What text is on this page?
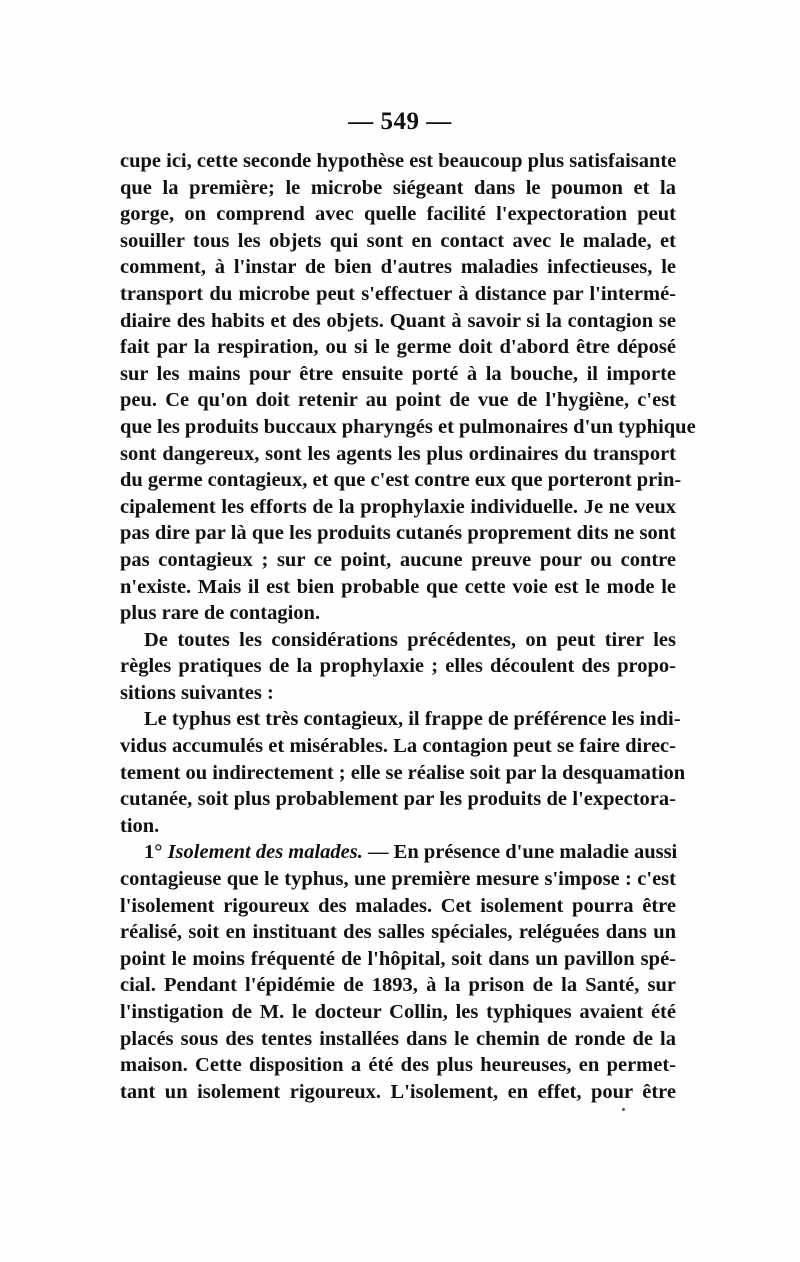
— 549 —
cupe ici, cette seconde hypothèse est beaucoup plus satisfaisante
que la première; le microbe siégeant dans le poumon et la
gorge, on comprend avec quelle facilité l'expectoration peut
souiller tous les objets qui sont en contact avec le malade, et
comment, à l'instar de bien d'autres maladies infectieuses, le
transport du microbe peut s'effectuer à distance par l'intermé-
diaire des habits et des objets. Quant à savoir si la contagion se
fait par la respiration, ou si le germe doit d'abord être déposé
sur les mains pour être ensuite porté à la bouche, il importe
peu. Ce qu'on doit retenir au point de vue de l'hygiène, c'est
que les produits buccaux pharyngés et pulmonaires d'un typhique
sont dangereux, sont les agents les plus ordinaires du transport
du germe contagieux, et que c'est contre eux que porteront prin-
cipalement les efforts de la prophylaxie individuelle. Je ne veux
pas dire par là que les produits cutanés proprement dits ne sont
pas contagieux ; sur ce point, aucune preuve pour ou contre
n'existe. Mais il est bien probable que cette voie est le mode le
plus rare de contagion.
De toutes les considérations précédentes, on peut tirer les
règles pratiques de la prophylaxie ; elles découlent des propo-
sitions suivantes :
Le typhus est très contagieux, il frappe de préférence les indi-
vidus accumulés et misérables. La contagion peut se faire direc-
tement ou indirectement ; elle se réalise soit par la desquamation
cutanée, soit plus probablement par les produits de l'expectora-
tion.
1° Isolement des malades. — En présence d'une maladie aussi
contagieuse que le typhus, une première mesure s'impose : c'est
l'isolement rigoureux des malades. Cet isolement pourra être
réalisé, soit en instituant des salles spéciales, reléguées dans un
point le moins fréquenté de l'hôpital, soit dans un pavillon spé-
cial. Pendant l'épidémie de 1893, à la prison de la Santé, sur
l'instigation de M. le docteur Collin, les typhiques avaient été
placés sous des tentes installées dans le chemin de ronde de la
maison. Cette disposition a été des plus heureuses, en permet-
tant un isolement rigoureux. L'isolement, en effet, pour être
